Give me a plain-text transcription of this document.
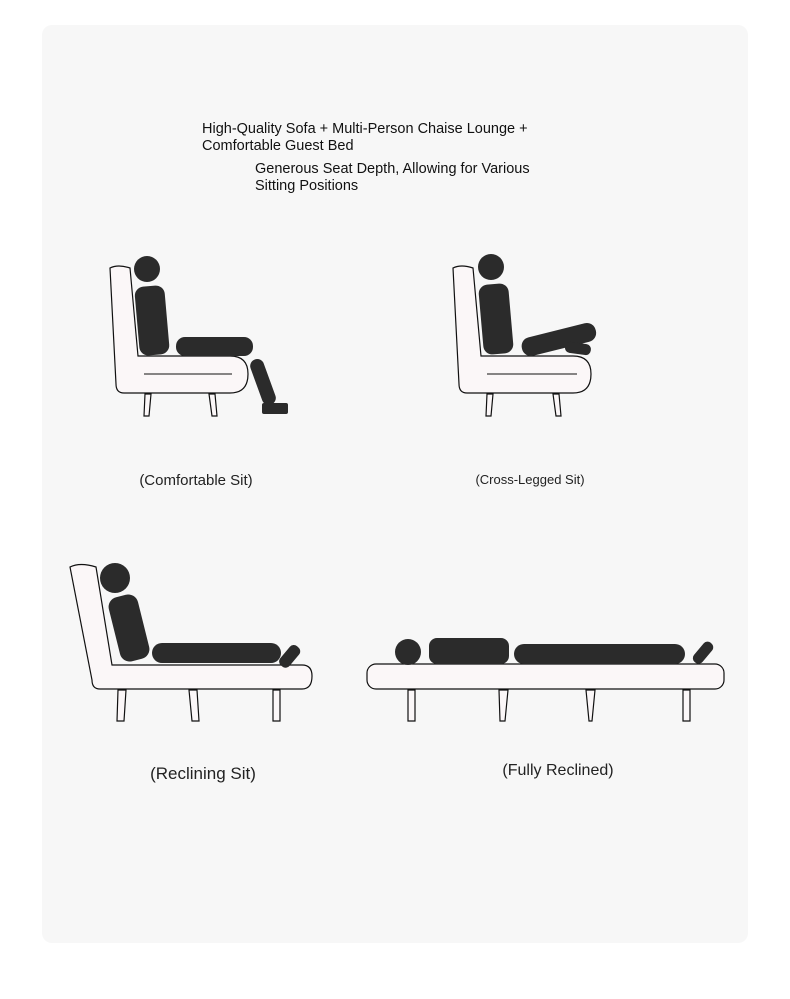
High-Quality Sofa + Multi-Person Chaise Lounge + Comfortable Guest Bed
Generous Seat Depth, Allowing for Various Sitting Positions
(Comfortable Sit)	(Cross-Legged Sit)
(Reclining Sit)	(Fully Reclined)
